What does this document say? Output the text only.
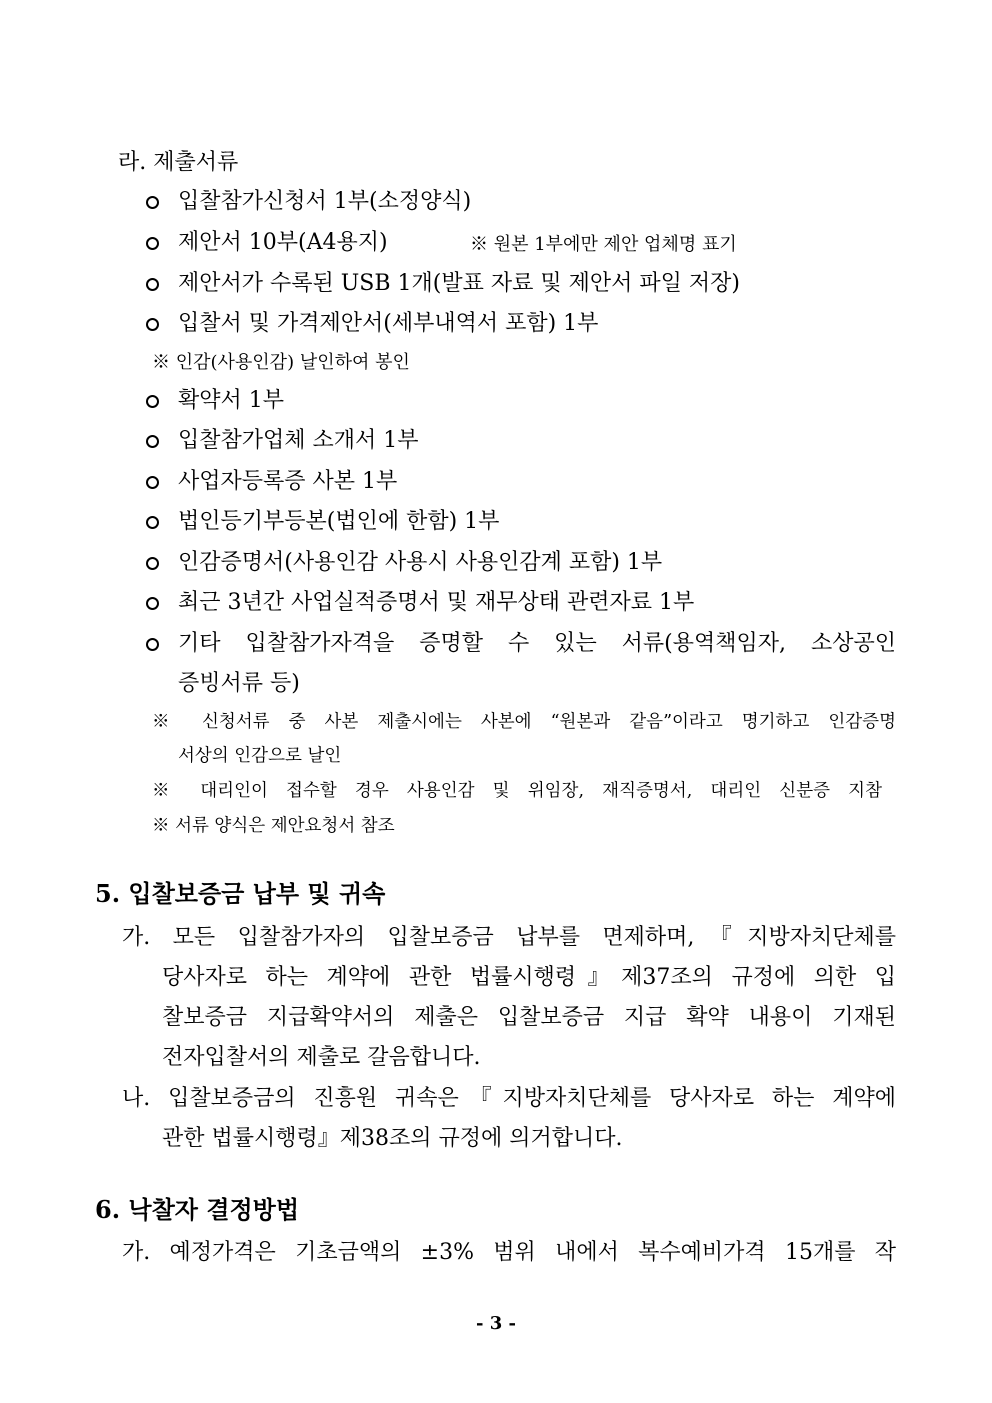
라. 제출서류
입찰참가신청서 1부(소정양식)
제안서 10부(A4용지)	※ 원본 1부에만 제안 업체명 표기
제안서가 수록된 USB 1개(발표 자료 및 제안서 파일 저장)
입찰서 및 가격제안서(세부내역서 포함) 1부
※ 인감(사용인감) 날인하여 봉인
확약서 1부
입찰참가업체 소개서 1부
사업자등록증 사본 1부
법인등기부등본(법인에 한함) 1부
인감증명서(사용인감 사용시 사용인감계 포함) 1부
최근 3년간 사업실적증명서 및 재무상태 관련자료 1부
기타 입찰참가자격을 증명할 수 있는 서류(용역책임자, 소상공인
증빙서류 등)
※ 신청서류 중 사본 제출시에는 사본에 “원본과 같음”이라고 명기하고 인감증명
서상의 인감으로 날인
※ 대리인이 접수할 경우 사용인감 및 위임장, 재직증명서, 대리인 신분증 지참
※ 서류 양식은 제안요청서 참조
5. 입찰보증금 납부 및 귀속
가. 모든 입찰참가자의 입찰보증금 납부를 면제하며,『지방자치단체를
당사자로 하는 계약에 관한 법률시행령』제37조의 규정에 의한 입
찰보증금 지급확약서의 제출은 입찰보증금 지급 확약 내용이 기재된
전자입찰서의 제출로 갈음합니다.
나. 입찰보증금의 진흥원 귀속은『지방자치단체를 당사자로 하는 계약에
관한 법률시행령』제38조의 규정에 의거합니다.
6. 낙찰자 결정방법
가. 예정가격은 기초금액의 ±3% 범위 내에서 복수예비가격 15개를 작
- 3 -
